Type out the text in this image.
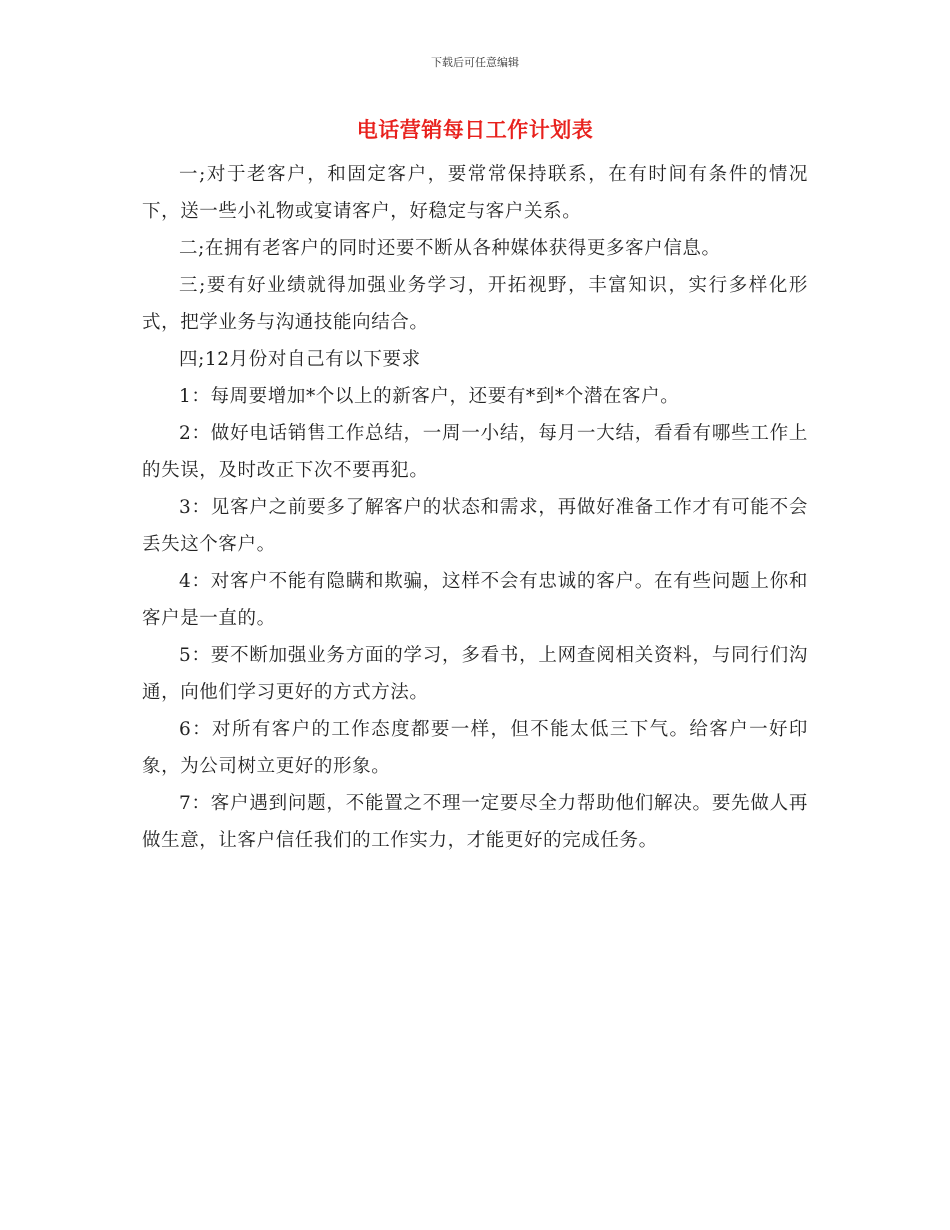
下载后可任意编辑
电话营销每日工作计划表

一;对于老客户，和固定客户，要常常保持联系，在有时间有条件的情况下，送一些小礼物或宴请客户，好稳定与客户关系。

二;在拥有老客户的同时还要不断从各种媒体获得更多客户信息。

三;要有好业绩就得加强业务学习，开拓视野，丰富知识，实行多样化形式，把学业务与沟通技能向结合。

四;12月份对自己有以下要求

1：每周要增加*个以上的新客户，还要有*到*个潜在客户。

2：做好电话销售工作总结，一周一小结，每月一大结，看看有哪些工作上的失误，及时改正下次不要再犯。

3：见客户之前要多了解客户的状态和需求，再做好准备工作才有可能不会丢失这个客户。

4：对客户不能有隐瞒和欺骗，这样不会有忠诚的客户。在有些问题上你和客户是一直的。

5：要不断加强业务方面的学习，多看书，上网查阅相关资料，与同行们沟通，向他们学习更好的方式方法。

6：对所有客户的工作态度都要一样，但不能太低三下气。给客户一好印象，为公司树立更好的形象。

7：客户遇到问题，不能置之不理一定要尽全力帮助他们解决。要先做人再做生意，让客户信任我们的工作实力，才能更好的完成任务。
